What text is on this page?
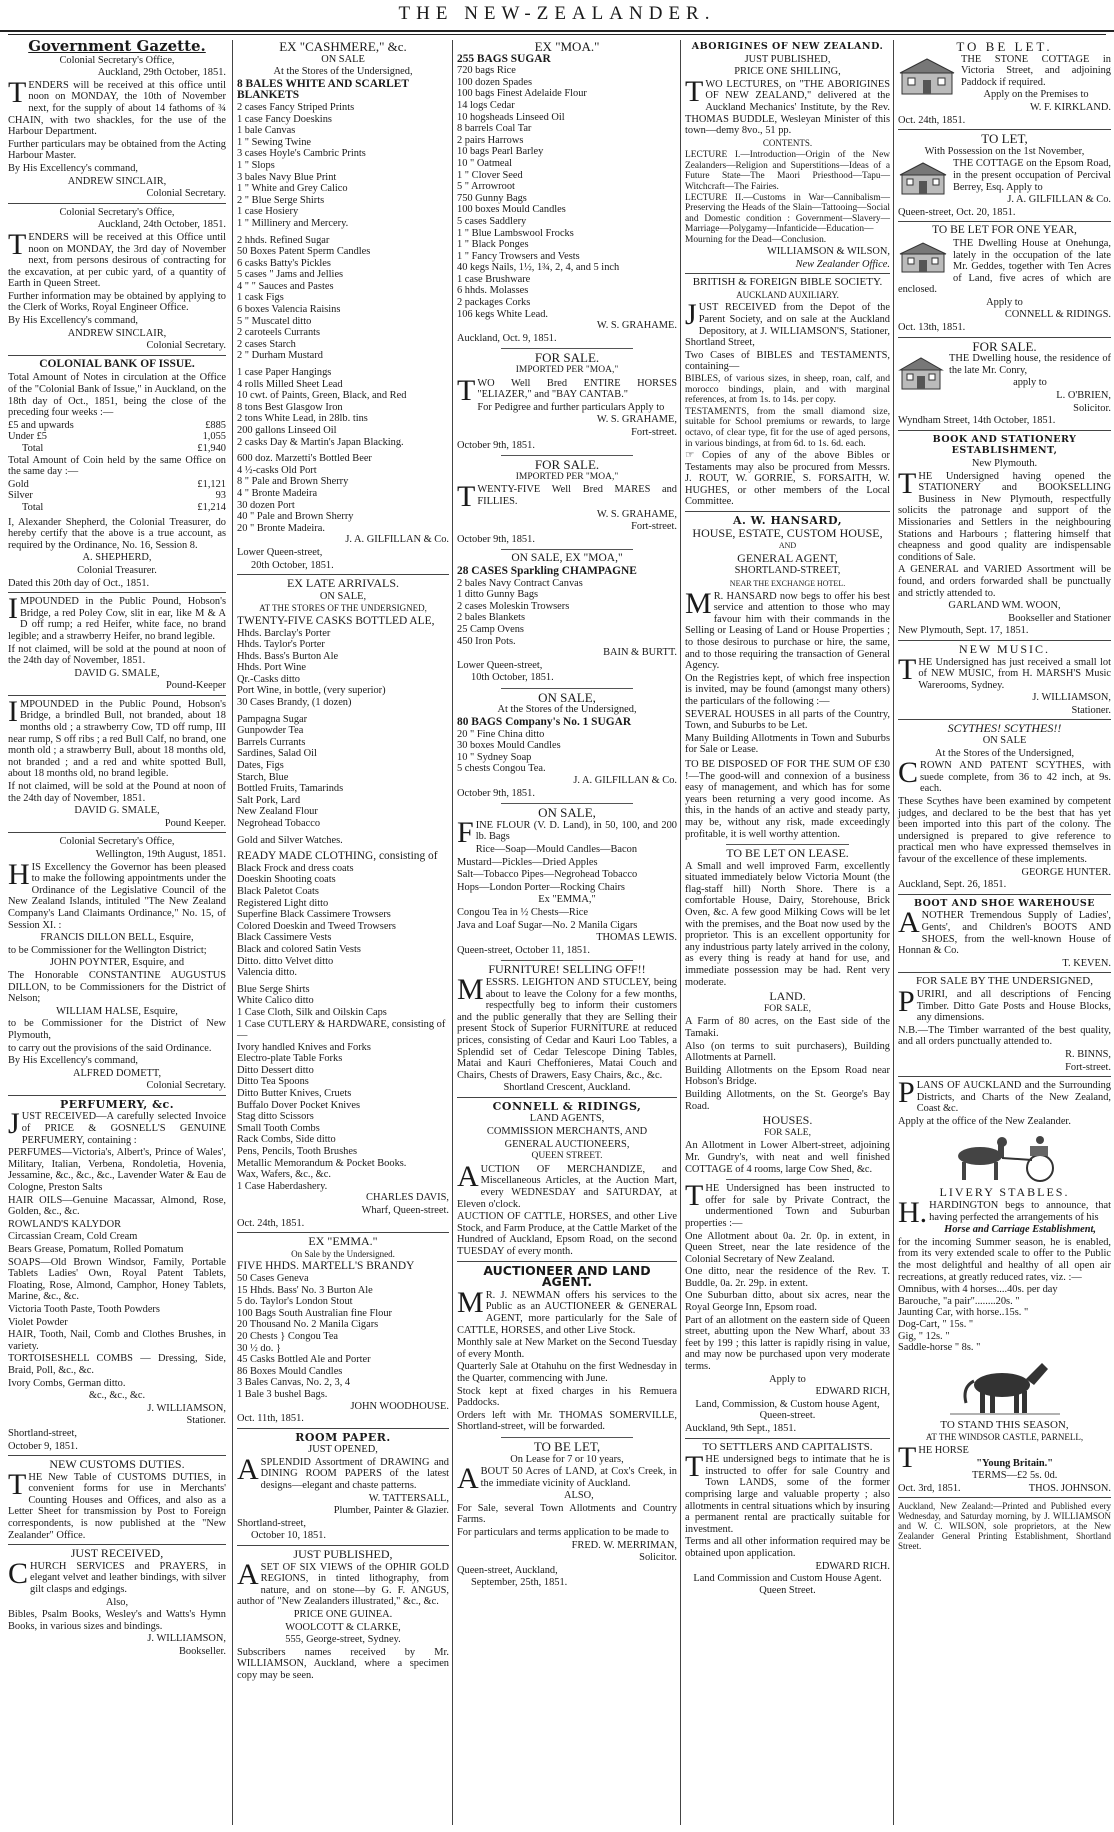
THE NEW-ZEALANDER.
Government Gazette.

Colonial Secretary's Office,

Auckland, 29th October, 1851.

TENDERS will be received at this office until noon on MONDAY, the 10th of November next, for the supply of about 14 fathoms of ¾ CHAIN, with two shackles, for the use of the Harbour Department.

Further particulars may be obtained from the Acting Harbour Master.

By His Excellency's command,

ANDREW SINCLAIR,

Colonial Secretary.

Colonial Secretary's Office,

Auckland, 24th October, 1851.

TENDERS will be received at this Office until noon on MONDAY, the 3rd day of November next, from persons desirous of contracting for the excavation, at per cubic yard, of a quantity of Earth in Queen Street.

Further information may be obtained by applying to the Clerk of Works, Royal Engineer Office.

By His Excellency's command,

ANDREW SINCLAIR,

Colonial Secretary.

COLONIAL BANK OF ISSUE.

Total Amount of Notes in circulation at the Office of the "Colonial Bank of Issue," in Auckland, on the 18th day of Oct., 1851, being the close of the preceding four weeks :—

£5 and upwards	£885
Under £5	1,055
Total	£1,940

Total Amount of Coin held by the same Office on the same day :—

Gold	£1,121
Silver	93
Total	£1,214

I, Alexander Shepherd, the Colonial Treasurer, do hereby certify that the above is a true account, as required by the Ordinance, No. 16, Session 8.

A. SHEPHERD,

Colonial Treasurer.

Dated this 20th day of Oct., 1851.

IMPOUNDED in the Public Pound, Hobson's Bridge, a red Poley Cow, slit in ear, like M & A D off rump; a red Heifer, white face, no brand legible; and a strawberry Heifer, no brand legible.

If not claimed, will be sold at the pound at noon of the 24th day of November, 1851.

DAVID G. SMALE,

Pound-Keeper

IMPOUNDED in the Public Pound, Hobson's Bridge, a brindled Bull, not branded, about 18 months old ; a strawberry Cow, TD off rump, III near rump, S off ribs ; a red Bull Calf, no brand, one month old ; a strawberry Bull, about 18 months old, not branded ; and a red and white spotted Bull, about 18 months old, no brand legible.

If not claimed, will be sold at the Pound at noon of the 24th day of November, 1851.

DAVID G. SMALE,

Pound Keeper.

Colonial Secretary's Office,

Wellington, 19th August, 1851.

HIS Excellency the Governor has been pleased to make the following appointments under the Ordinance of the Legislative Council of the New Zealand Islands, intituled "The New Zealand Company's Land Claimants Ordinance," No. 15, of Session XI. :

FRANCIS DILLON BELL, Esquire,

to be Commissioner for the Wellington District;

JOHN POYNTER, Esquire, and

The Honorable CONSTANTINE AUGUSTUS DILLON, to be Commissioners for the District of Nelson;

WILLIAM HALSE, Esquire,

to be Commissioner for the District of New Plymouth,

to carry out the provisions of the said Ordinance.

By His Excellency's command,

ALFRED DOMETT,

Colonial Secretary.

PERFUMERY, &c.

JUST RECEIVED—A carefully selected Invoice of PRICE & GOSNELL'S GENUINE PERFUMERY, containing :

PERFUMES—Victoria's, Albert's, Prince of Wales', Military, Italian, Verbena, Rondoletia, Hovenia, Jessamine, &c., &c., &c., Lavender Water & Eau de Cologne, Preston Salts

HAIR OILS—Genuine Macassar, Almond, Rose, Golden, &c., &c.

ROWLAND'S KALYDOR

Circassian Cream, Cold Cream

Bears Grease, Pomatum, Rolled Pomatum

SOAPS—Old Brown Windsor, Family, Portable Tablets Ladies' Own, Royal Patent Tablets, Floating, Rose, Almond, Camphor, Honey Tablets, Marine, &c., &c.

Victoria Tooth Paste, Tooth Powders

Violet Powder

HAIR, Tooth, Nail, Comb and Clothes Brushes, in variety.

TORTOISESHELL COMBS — Dressing, Side, Braid, Poll, &c., &c.

Ivory Combs, German ditto.

&c., &c., &c.

J. WILLIAMSON,

Stationer.

Shortland-street,

October 9, 1851.

NEW CUSTOMS DUTIES.

THE New Table of CUSTOMS DUTIES, in convenient forms for use in Merchants' Counting Houses and Offices, and also as a Letter Sheet for transmission by Post to Foreign correspondents, is now published at the "New Zealander" Office.

JUST RECEIVED,

CHURCH SERVICES and PRAYERS, in elegant velvet and leather bindings, with silver gilt clasps and edgings.

Also,

Bibles, Psalm Books, Wesley's and Watts's Hymn Books, in various sizes and bindings.

J. WILLIAMSON,

Bookseller.

EX "CASHMERE," &c.

ON SALE

At the Stores of the Undersigned,

8 BALES WHITE AND SCARLET BLANKETS
2 cases Fancy Striped Prints
1 case Fancy Doeskins
1 bale Canvas
1 " Sewing Twine
3 cases Hoyle's Cambric Prints
1 " Slops
3 bales Navy Blue Print
1 " White and Grey Calico
2 " Blue Serge Shirts
1 case Hosiery
1 " Millinery and Mercery.
2 hhds. Refined Sugar
50 Boxes Patent Sperm Candles
6 casks Batty's Pickles
5 cases " Jams and Jellies
4 " " Sauces and Pastes
1 cask Figs
6 boxes Valencia Raisins
5 " Muscatel ditto
2 caroteels Currants
2 cases Starch
2 " Durham Mustard
1 case Paper Hangings
4 rolls Milled Sheet Lead
10 cwt. of Paints, Green, Black, and Red
8 tons Best Glasgow Iron
2 tons White Lead, in 28lb. tins
200 gallons Linseed Oil
2 casks Day & Martin's Japan Blacking.
600 doz. Marzetti's Bottled Beer
4 ½-casks Old Port
8 " Pale and Brown Sherry
4 " Bronte Madeira
30 dozen Port
40 " Pale and Brown Sherry
20 " Bronte Madeira.

J. A. GILFILLAN & Co.

Lower Queen-street,

20th October, 1851.

EX LATE ARRIVALS.

ON SALE,

AT THE STORES OF THE UNDERSIGNED,

TWENTY-FIVE CASKS BOTTLED ALE,
Hhds. Barclay's Porter
Hhds. Taylor's Porter
Hhds. Bass's Burton Ale
Hhds. Port Wine
Qr.-Casks ditto
Port Wine, in bottle, (very superior)
30 Cases Brandy, (1 dozen)
Pampagna Sugar
Gunpowder Tea
Barrels Currants
Sardines, Salad Oil
Dates, Figs
Starch, Blue
Bottled Fruits, Tamarinds
Salt Pork, Lard
New Zealand Flour
Negrohead Tobacco
Gold and Silver Watches.
READY MADE CLOTHING, consisting of
Black Frock and dress coats
Doeskin Shooting coats
Black Paletot Coats
Registered Light ditto
Superfine Black Cassimere Trowsers
Colored Doeskin and Tweed Trowsers
Black Cassimere Vests
Black and colored Satin Vests
Ditto. ditto Velvet ditto
Valencia ditto.
Blue Serge Shirts
White Calico ditto
1 Case Cloth, Silk and Oilskin Caps
1 Case CUTLERY & HARDWARE, consisting of—
Ivory handled Knives and Forks
Electro-plate Table Forks
Ditto Dessert ditto
Ditto Tea Spoons
Ditto Butter Knives, Cruets
Buffalo Dover Pocket Knives
Stag ditto Scissors
Small Tooth Combs
Rack Combs, Side ditto
Pens, Pencils, Tooth Brushes
Metallic Memorandum & Pocket Books.
Wax, Wafers, &c., &c.
1 Case Haberdashery.

CHARLES DAVIS,

Wharf, Queen-street.

Oct. 24th, 1851.

EX "EMMA."

On Sale by the Undersigned.

FIVE HHDS. MARTELL'S BRANDY
50 Cases Geneva
15 Hhds. Bass' No. 3 Burton Ale
5 do. Taylor's London Stout
100 Bags South Australian fine Flour
20 Thousand No. 2 Manila Cigars
20 Chests } Congou Tea
30 ½ do. }
45 Casks Bottled Ale and Porter
86 Boxes Mould Candles
3 Bales Canvas, No. 2, 3, 4
1 Bale 3 bushel Bags.

JOHN WOODHOUSE.

Oct. 11th, 1851.

ROOM PAPER.

JUST OPENED,

ASPLENDID Assortment of DRAWING and DINING ROOM PAPERS of the latest designs—elegant and chaste patterns.

W. TATTERSALL,

Plumber, Painter & Glazier.

Shortland-street,

October 10, 1851.

JUST PUBLISHED,

ASET OF SIX VIEWS of the OPHIR GOLD REGIONS, in tinted lithography, from nature, and on stone—by G. F. ANGUS, author of "New Zealanders illustrated," &c., &c.

PRICE ONE GUINEA.

WOOLCOTT & CLARKE,

555, George-street, Sydney.

Subscribers names received by Mr. WILLIAMSON, Auckland, where a specimen copy may be seen.

EX "MOA."
255 BAGS SUGAR
720 bags Rice
100 dozen Spades
100 bags Finest Adelaide Flour
14 logs Cedar
10 hogsheads Linseed Oil
8 barrels Coal Tar
2 pairs Harrows
10 bags Pearl Barley
10 " Oatmeal
1 " Clover Seed
5 " Arrowroot
750 Gunny Bags
100 boxes Mould Candles
5 cases Saddlery
1 " Blue Lambswool Frocks
1 " Black Ponges
1 " Fancy Trowsers and Vests
40 kegs Nails, 1½, 1¾, 2, 4, and 5 inch
1 case Brushware
6 hhds. Molasses
2 packages Corks
106 kegs White Lead.

W. S. GRAHAME.

Auckland, Oct. 9, 1851.

FOR SALE.

IMPORTED PER "MOA,"

TWO Well Bred ENTIRE HORSES "ELIAZER," and "BAY CANTAB."

For Pedigree and further particulars Apply to

W. S. GRAHAME,

Fort-street.

October 9th, 1851.

FOR SALE.

IMPORTED PER "MOA,"

TWENTY-FIVE Well Bred MARES and FILLIES.

W. S. GRAHAME,

Fort-street.

October 9th, 1851.

ON SALE, EX "MOA,"
28 CASES Sparkling CHAMPAGNE
2 bales Navy Contract Canvas
1 ditto Gunny Bags
2 cases Moleskin Trowsers
2 bales Blankets
25 Camp Ovens
450 Iron Pots.

BAIN & BURTT.

Lower Queen-street,

10th October, 1851.

ON SALE,

At the Stores of the Undersigned,

80 BAGS Company's No. 1 SUGAR
20 " Fine China ditto
30 boxes Mould Candles
10 " Sydney Soap
5 chests Congou Tea.

J. A. GILFILLAN & Co.

October 9th, 1851.

ON SALE,

FINE FLOUR (V. D. Land), in 50, 100, and 200 lb. Bags

Rice—Soap—Mould Candles—Bacon

Mustard—Pickles—Dried Apples

Salt—Tobacco Pipes—Negrohead Tobacco

Hops—London Porter—Rocking Chairs

Ex "EMMA,"

Congou Tea in ½ Chests—Rice

Java and Loaf Sugar—No. 2 Manila Cigars

THOMAS LEWIS.

Queen-street, October 11, 1851.

FURNITURE! SELLING OFF!!

MESSRS. LEIGHTON AND STUCLEY, being about to leave the Colony for a few months, respectfully beg to inform their customers and the public generally that they are Selling their present Stock of Superior FURNITURE at reduced prices, consisting of Cedar and Kauri Loo Tables, a Splendid set of Cedar Telescope Dining Tables, Matai and Kauri Cheffonieres, Matai Couch and Chairs, Chests of Drawers, Easy Chairs, &c., &c.

Shortland Crescent, Auckland.

CONNELL & RIDINGS,

LAND AGENTS,

COMMISSION MERCHANTS, AND

GENERAL AUCTIONEERS,

QUEEN STREET.

AUCTION OF MERCHANDIZE, and Miscellaneous Articles, at the Auction Mart, every WEDNESDAY and SATURDAY, at Eleven o'clock.

AUCTION OF CATTLE, HORSES, and other Live Stock, and Farm Produce, at the Cattle Market of the Hundred of Auckland, Epsom Road, on the second TUESDAY of every month.

AUCTIONEER AND LAND AGENT.

MR. J. NEWMAN offers his services to the Public as an AUCTIONEER & GENERAL AGENT, more particularly for the Sale of CATTLE, HORSES, and other Live Stock.

Monthly sale at New Market on the Second Tuesday of every Month.

Quarterly Sale at Otahuhu on the first Wednesday in the Quarter, commencing with June.

Stock kept at fixed charges in his Remuera Paddocks.

Orders left with Mr. THOMAS SOMERVILLE, Shortland-street, will be forwarded.

TO BE LET,

On Lease for 7 or 10 years,

ABOUT 50 Acres of LAND, at Cox's Creek, in the immediate vicinity of Auckland.

ALSO,

For Sale, several Town Allotments and Country Farms.

For particulars and terms application to be made to

FRED. W. MERRIMAN,

Solicitor.

Queen-street, Auckland,

September, 25th, 1851.

ABORIGINES OF NEW ZEALAND.

JUST PUBLISHED,

PRICE ONE SHILLING,

TWO LECTURES, on "THE ABORIGINES OF NEW ZEALAND," delivered at the Auckland Mechanics' Institute, by the Rev. THOMAS BUDDLE, Wesleyan Minister of this town—demy 8vo., 51 pp.

CONTENTS.

LECTURE I.—Introduction—Origin of the New Zealanders—Religion and Superstitions—Ideas of a Future State—The Maori Priesthood—Tapu—Witchcraft—The Fairies.

LECTURE II.—Customs in War—Cannibalism—Preserving the Heads of the Slain—Tattooing—Social and Domestic condition : Government—Slavery—Marriage—Polygamy—Infanticide—Education—Mourning for the Dead—Conclusion.

WILLIAMSON & WILSON,

New Zealander Office.

BRITISH & FOREIGN BIBLE SOCIETY.

AUCKLAND AUXILIARY.

JUST RECEIVED from the Depot of the Parent Society, and on sale at the Auckland Depository, at J. WILLIAMSON'S, Stationer, Shortland Street,

Two Cases of BIBLES and TESTAMENTS, containing—

BIBLES, of various sizes, in sheep, roan, calf, and morocco bindings, plain, and with marginal references, at from 1s. to 14s. per copy.

TESTAMENTS, from the small diamond size, suitable for School premiums or rewards, to large octavo, of clear type, fit for the use of aged persons, in various bindings, at from 6d. to 1s. 6d. each.

☞ Copies of any of the above Bibles or Testaments may also be procured from Messrs. J. ROUT, W. GORRIE, S. FORSAITH, W. HUGHES, or other members of the Local Committee.

A. W. HANSARD,

HOUSE, ESTATE, CUSTOM HOUSE,

AND

GENERAL AGENT,

SHORTLAND-STREET,

NEAR THE EXCHANGE HOTEL.

MR. HANSARD now begs to offer his best service and attention to those who may favour him with their commands in the Selling or Leasing of Land or House Properties ; to those desirous to purchase or hire, the same, and to those requiring the transaction of General Agency.

On the Registries kept, of which free inspection is invited, may be found (amongst many others) the particulars of the following :—

SEVERAL HOUSES in all parts of the Country, Town, and Suburbs to be Let.

Many Building Allotments in Town and Suburbs for Sale or Lease.

TO BE DISPOSED OF FOR THE SUM OF £30 !—The good-will and connexion of a business easy of management, and which has for some years been returning a very good income. As this, in the hands of an active and steady party, may be, without any risk, made exceedingly profitable, it is well worthy attention.

TO BE LET ON LEASE.

A Small and well improved Farm, excellently situated immediately below Victoria Mount (the flag-staff hill) North Shore. There is a comfortable House, Dairy, Storehouse, Brick Oven, &c. A few good Milking Cows will be let with the premises, and the Boat now used by the proprietor. This is an excellent opportunity for any industrious party lately arrived in the colony, as every thing is ready at hand for use, and immediate possession may be had. Rent very moderate.

LAND.

FOR SALE,

A Farm of 80 acres, on the East side of the Tamaki.

Also (on terms to suit purchasers), Building Allotments at Parnell.

Building Allotments on the Epsom Road near Hobson's Bridge.

Building Allotments, on the St. George's Bay Road.

HOUSES.

FOR SALE,

An Allotment in Lower Albert-street, adjoining Mr. Gundry's, with neat and well finished COTTAGE of 4 rooms, large Cow Shed, &c.

THE Undersigned has been instructed to offer for sale by Private Contract, the undermentioned Town and Suburban properties :—

One Allotment about 0a. 2r. 0p. in extent, in Queen Street, near the late residence of the Colonial Secretary of New Zealand.

One ditto, near the residence of the Rev. T. Buddle, 0a. 2r. 29p. in extent.

One Suburban ditto, about six acres, near the Royal George Inn, Epsom road.

Part of an allotment on the eastern side of Queen street, abutting upon the New Wharf, about 33 feet by 199 ; this latter is rapidly rising in value, and may now be purchased upon very moderate terms.

Apply to

EDWARD RICH,

Land, Commission, & Custom house Agent, Queen-street.

Auckland, 9th Sept., 1851.

TO SETTLERS AND CAPITALISTS.

THE undersigned begs to intimate that he is instructed to offer for sale Country and Town LANDS, some of the former comprising large and valuable property ; also allotments in central situations which by insuring a permanent rental are practically suitable for investment.

Terms and all other information required may be obtained upon application.

EDWARD RICH.

Land Commission and Custom House Agent. Queen Street.

TO BE LET.

THE STONE COTTAGE in Victoria Street, and adjoining Paddock if required.

Apply on the Premises to

W. F. KIRKLAND.

Oct. 24th, 1851.

TO LET,

With Possession on the 1st November,

THE COTTAGE on the Epsom Road, in the present occupation of Percival Berrey, Esq. Apply to

J. A. GILFILLAN & Co.

Queen-street, Oct. 20, 1851.

TO BE LET FOR ONE YEAR,

THE Dwelling House at Onehunga, lately in the occupation of the late Mr. Geddes, together with Ten Acres of Land, five acres of which are enclosed.

Apply to

CONNELL & RIDINGS.

Oct. 13th, 1851.

FOR SALE.

THE Dwelling house, the residence of the late Mr. Conry,

apply to

L. O'BRIEN,

Solicitor.

Wyndham Street, 14th October, 1851.

BOOK AND STATIONERY ESTABLISHMENT,

New Plymouth.

THE Undersigned having opened the STATIONERY and BOOKSELLING Business in New Plymouth, respectfully solicits the patronage and support of the Missionaries and Settlers in the neighbouring Stations and Harbours ; flattering himself that cheapness and good quality are indispensable conditions of Sale.

A GENERAL and VARIED Assortment will be found, and orders forwarded shall be punctually and strictly attended to.

GARLAND WM. WOON,

Bookseller and Stationer

New Plymouth, Sept. 17, 1851.

NEW MUSIC.

THE Undersigned has just received a small lot of NEW MUSIC, from H. MARSH'S Music Warerooms, Sydney.

J. WILLIAMSON,

Stationer.

SCYTHES! SCYTHES!!

ON SALE

At the Stores of the Undersigned,

CROWN AND PATENT SCYTHES, with suede complete, from 36 to 42 inch, at 9s. each.

These Scythes have been examined by competent judges, and declared to be the best that has yet been imported into this part of the colony. The undersigned is prepared to give reference to practical men who have expressed themselves in favour of the excellence of these implements.

GEORGE HUNTER.

Auckland, Sept. 26, 1851.

BOOT AND SHOE WAREHOUSE

ANOTHER Tremendous Supply of Ladies', Gents', and Children's BOOTS AND SHOES, from the well-known House of Honnan & Co.

T. KEVEN.

FOR SALE BY THE UNDERSIGNED,

PURIRI, and all descriptions of Fencing Timber. Ditto Gate Posts and House Blocks, any dimensions.

N.B.—The Timber warranted of the best quality, and all orders punctually attended to.

R. BINNS,

Fort-street.

PLANS OF AUCKLAND and the Surrounding Districts, and Charts of the New Zealand, Coast &c.

Apply at the office of the New Zealander.

LIVERY STABLES.

H.HARDINGTON begs to announce, that having perfected the arrangements of his

Horse and Carriage Establishment,

for the incoming Summer season, he is enabled, from its very extended scale to offer to the Public the most delightful and healthy of all open air recreations, at greatly reduced rates, viz. :—

Omnibus, with 4 horses....40s. per day
Barouche, "a pair"........20s. "
Jaunting Car, with horse..15s. "
Dog-Cart, " 15s. "
Gig, " 12s. "
Saddle-horse " 8s. "
TO STAND THIS SEASON,

AT THE WINDSOR CASTLE, PARNELL,

THE HORSE

"Young Britain."

TERMS—£2 5s. 0d.

Oct. 3rd, 1851.	THOS. JOHNSON.

Auckland, New Zealand:—Printed and Published every Wednesday, and Saturday morning, by J. WILLIAMSON and W. C. WILSON, sole proprietors, at the New Zealander General Printing Establishment, Shortland Street.
